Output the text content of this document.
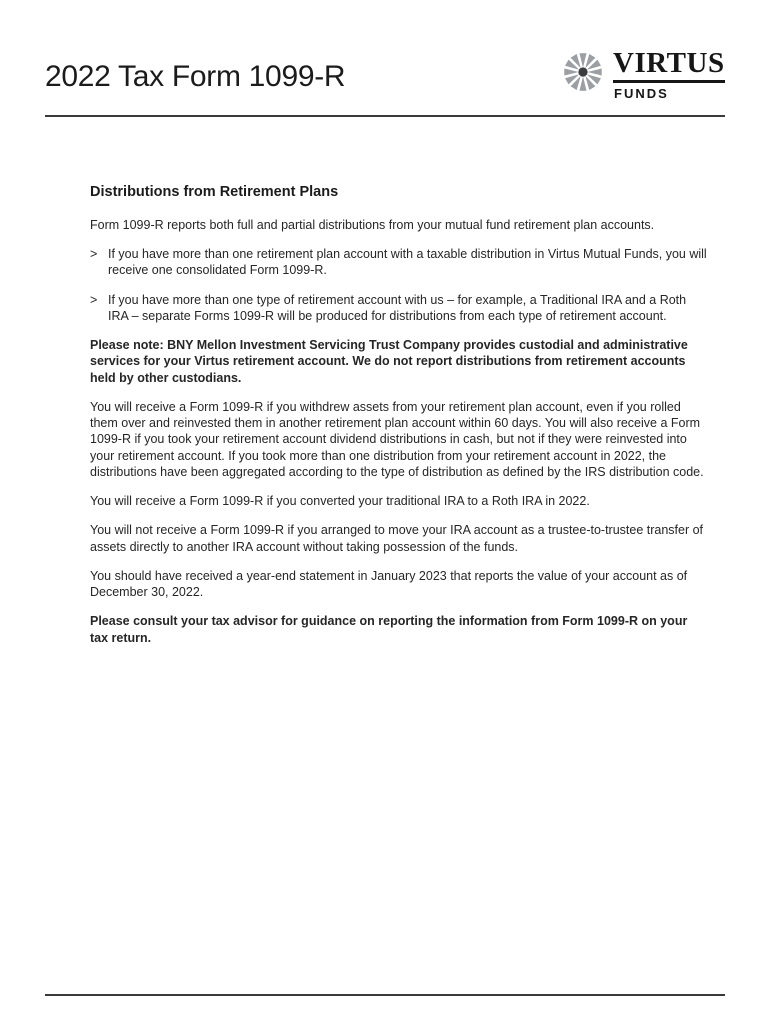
2022 Tax Form 1099-R	VIRTUS
FUNDS
Distributions from Retirement Plans

Form 1099-R reports both full and partial distributions from your mutual fund retirement plan accounts.

> If you have more than one retirement plan account with a taxable distribution in Virtus Mutual Funds, you will receive one consolidated Form 1099-R.
> If you have more than one type of retirement account with us – for example, a Traditional IRA and a Roth IRA – separate Forms 1099-R will be produced for distributions from each type of retirement account.

Please note: BNY Mellon Investment Servicing Trust Company provides custodial and administrative services for your Virtus retirement account. We do not report distributions from retirement accounts held by other custodians.

You will receive a Form 1099-R if you withdrew assets from your retirement plan account, even if you rolled them over and reinvested them in another retirement plan account within 60 days. You will also receive a Form 1099-R if you took your retirement account dividend distributions in cash, but not if they were reinvested into your retirement account. If you took more than one distribution from your retirement account in 2022, the distributions have been aggregated according to the type of distribution as defined by the IRS distribution code.

You will receive a Form 1099-R if you converted your traditional IRA to a Roth IRA in 2022.

You will not receive a Form 1099-R if you arranged to move your IRA account as a trustee-to-trustee transfer of assets directly to another IRA account without taking possession of the funds.

You should have received a year-end statement in January 2023 that reports the value of your account as of December 30, 2022.

Please consult your tax advisor for guidance on reporting the information from Form 1099-R on your tax return.
